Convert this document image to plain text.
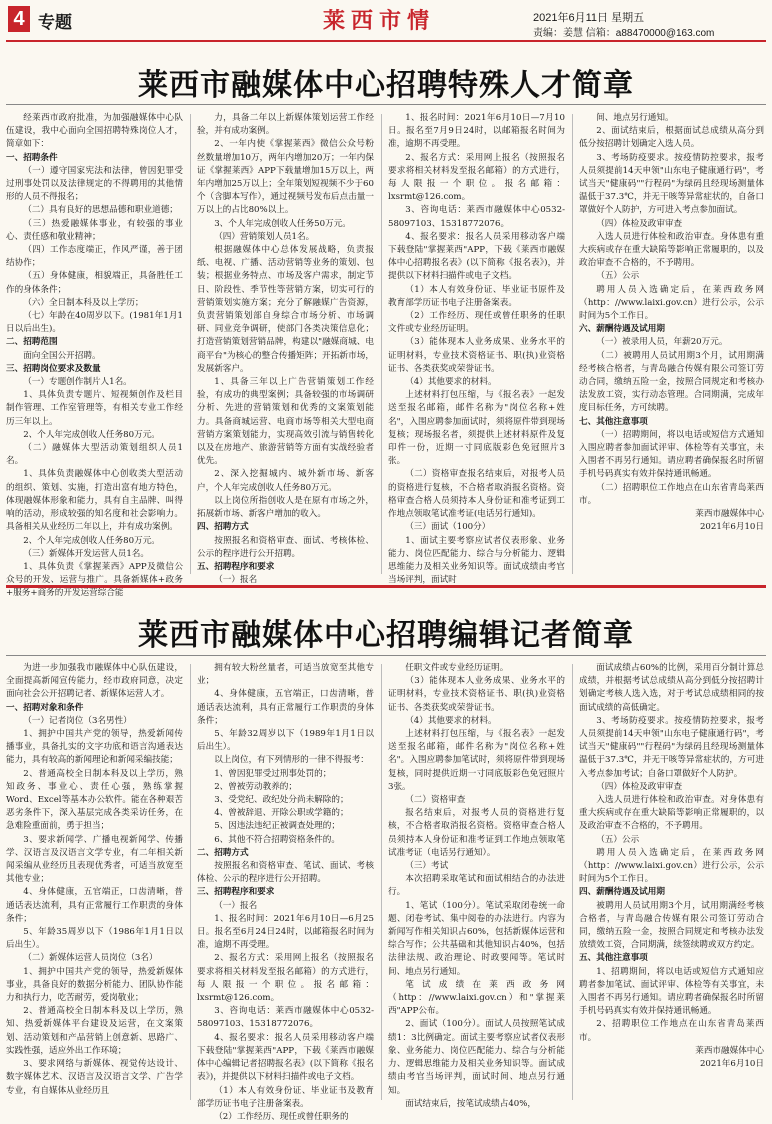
4 专题	莱西市情	2021年6月11日 星期五
责编：姜慧 信箱：a88470000@163.com
莱西市融媒体中心招聘特殊人才简章

经莱西市政府批准，为加强融媒体中心队伍建设，我中心面向全国招聘特殊岗位人才，简章如下：

一、招聘条件

（一）遵守国家宪法和法律，曾因犯罪受过刑事处罚以及法律规定的不得聘用的其他情形的人员不得报名；

（二）具有良好的思想品德和职业道德；

（三）热爱融媒体事业，有较强的事业心、责任感和敬业精神；

（四）工作态度端正，作风严谨，善于团结协作；

（五）身体健康，相貌端正，具备胜任工作的身体条件；

（六）全日制本科及以上学历；

（七）年龄在40周岁以下。(1981年1月1日以后出生)。

二、招聘范围

面向全国公开招聘。

三、招聘岗位要求及数量

（一）专题创作制片人1名。

1、具体负责专题片、短视频创作及栏目制作管理、工作室管理等，有相关专业工作经历三年以上。

2、个人年完成创收人任务80万元。

（二）融媒体大型活动策划组织人员1名。

1、具体负责融媒体中心创收类大型活动的组织、策划、实施，打造出富有地方特色，体现融媒体形象和能力，具有自主品牌、叫得响的活动，形成较强的知名度和社会影响力。具备相关从业经历二年以上，并有成功案例。

2、个人年完成创收人任务80万元。

（三）新媒体开发运营人员1名。

1、具体负责《掌握莱西》APP及微信公众号的开发、运营与推广。具备新媒体+政务+服务+商务的开发运营综合能

力，具备二年以上新媒体策划运营工作经验，并有成功案例。

2、一年内使《掌握莱西》微信公众号粉丝数量增加10万，两年内增加20万；一年内保证《掌握莱西》APP下载量增加15万以上，两年内增加25万以上；全年策划短视频不少于60个（含脚本写作），通过视频号发布后点击量一万以上的占比80%以上。

3、个人年完成创收人任务50万元。

（四）营销策划人员1名。

根据融媒体中心总体发展战略，负责报纸、电视、广播、活动营销等业务的策划、包装；根据业务特点、市场及客户需求，制定节日、阶段性、季节性等营销方案，切实可行的营销策划实施方案；充分了解融媒广告资源，负责营销策划部自身综合市场分析、市场调研、同业竞争调研，使部门各类决策信息化；打造营销策划营销品牌，构建以"融媒商城、电商平台"为核心的整合传播矩阵；开拓新市场，发展新客户。

1、具备三年以上广告营销策划工作经验，有成功的典型案例；具备较强的市场调研分析、先进的营销策划和优秀的文案策划能力。具备商城运营、电商市场等相关大型电商营销方案策划能力，实现高效引流与销售转化以及在房地产、旅游营销等方面有实战经验者优先。

2、深入挖掘城内、城外新市场、新客户，个人年完成创收人任务80万元。

以上岗位所指创收人是在原有市场之外，拓展新市场、新客户增加的收入。

四、招聘方式

按照报名和资格审查、面试、考核体检、公示的程序进行公开招聘。

五、招聘程序和要求

（一）报名

1、报名时间：2021年6月10日—7月10日。报名至7月9日24时，以邮箱报名时间为准，逾期不再受理。

2、报名方式：采用网上报名（按照报名要求将相关材料发至报名邮箱）的方式进行，每人限报一个职位。报名邮箱：lxsrmt@126.com。

3、咨询电话：莱西市融媒体中心0532-58097103、15318772076。

4、报名要求：报名人员采用移动客户端下载登陆"掌握莱西"APP，下载《莱西市融媒体中心招聘报名表》(以下简称《报名表》)，并提供以下材料扫描件或电子文档。

（1）本人有效身份证、毕业证书原件及教育部学历证书电子注册备案表。

（2）工作经历、现任或曾任职务的任职文件或专业经历证明。

（3）能体现本人业务成果、业务水平的证明材料，专业技术资格证书、职(执)业资格证书、各类获奖或荣誉证书。

（4）其他要求的材料。

上述材料打包压缩，与《报名表》一起发送至报名邮箱，邮件名称为"岗位名称+姓名"，入围应聘参加面试时，须将原件带到现场复核；现场报名者，须提供上述材料原件及复印件一份，近期一寸同底版彩色免冠照片3张。

（二）资格审查报名结束后，对报考人员的资格进行复核，不合格者取消报名资格。资格审查合格人员须持本人身份证和准考证到工作地点领取笔试准考证(电话另行通知)。

（三）面试（100分）

1、面试主要考察应试者仪表形象、业务能力、岗位匹配能力、综合与分析能力、逻辑思维能力及相关业务知识等。面试成绩由考官当场评判，面试时

间、地点另行通知。

2、面试结束后，根据面试总成绩从高分到低分按招聘计划确定入选人员。

3、考场防疫要求。按疫情防控要求，报考人员须提前14天申领"山东电子健康通行码"，考试当天"健康码""行程码"为绿码且经现场测量体温低于37.3℃，并无干咳等异常症状的，自备口罩做好个人防护，方可进入考点参加面试。

（四）体检及政审审查

入选人员进行体检和政治审查。身体患有重大疾病或存在重大缺陷等影响正常履职的，以及政治审查不合格的，不予聘用。

（五）公示

聘用人员入选确定后，在莱西政务网（http：//www.laixi.gov.cn）进行公示，公示时间为5个工作日。

六、薪酬待遇及试用期

（一）被录用人员，年薪20万元。

（二）被聘用人员试用期3个月，试用期满经考核合格者，与青岛融合传媒有限公司签订劳动合同，缴纳五险一金，按照合同规定和考核办法发放工资，实行动态管理。合同期满，完成年度目标任务，方可续聘。

七、其他注意事项

（一）招聘期间，将以电话或短信方式通知入围应聘者参加面试评审、体检等有关事宜，未入围者不再另行通知。请应聘者确保报名时所留手机号码真实有效并保持通讯畅通。

（二）招聘职位工作地点在山东省青岛莱西市。

莱西市融媒体中心

2021年6月10日

莱西市融媒体中心招聘编辑记者简章

为进一步加强我市融媒体中心队伍建设，全面提高新闻宣传能力，经市政府同意，决定面向社会公开招聘记者、新媒体运营人才。

一、招聘对象和条件

（一）记者岗位（3名男性）

1、拥护中国共产党的领导，热爱新闻传播事业，具备扎实的文字功底和语言沟通表达能力，具有较高的新闻理论和新闻采编技能；

2、普通高校全日制本科及以上学历，熟知政务、事业心、责任心强，熟练掌握Word、Excel等基本办公软件。能在各种艰苦恶劣条件下，深入基层完成各类采访任务，在急难险重面前，勇于担当；

3、要求新闻学、广播电视新闻学、传播学、汉语言及汉语言文学专业，有二年相关新闻采编从业经历且表现优秀者，可适当放宽至其他专业；

4、身体健康，五官端正，口齿清晰，普通话表达流利，具有正常履行工作职责的身体条件；

5、年龄35周岁以下（1986年1月1日以后出生）。

（二）新媒体运营人员岗位（3名）

1、拥护中国共产党的领导，热爱新媒体事业，具备良好的数据分析能力、团队协作能力和执行力，吃苦耐劳，爱岗敬业；

2、普通高校全日制本科及以上学历，熟知、热爱新媒体平台建设及运营，在文案策划、活动策划和产品营销上创意新、思路广、实践性强，适应外出工作环境；

3、要求网络与新媒体、视觉传达设计、数字媒体艺术、汉语言及汉语言文学、广告学专业，有自媒体从业经历且

拥有较大粉丝量者，可适当放宽至其他专业；

4、身体健康，五官端正，口齿清晰，普通话表达流利，具有正常履行工作职责的身体条件；

5、年龄32周岁以下（1989年1月1日以后出生）。

以上岗位，有下列情形的一律不得报考：

1、曾因犯罪受过刑事处罚的；

2、曾被劳动教养的；

3、受党纪、政纪处分尚未解除的；

4、曾被辞退、开除公职或学籍的；

5、因违法违纪正被调查处理的；

6、其他不符合招聘资格条件的。

二、招聘方式

按照报名和资格审查、笔试、面试、考核体检、公示的程序进行公开招聘。

三、招聘程序和要求

（一）报名

1、报名时间：2021年6月10日—6月25日。报名至6月24日24时，以邮箱报名时间为准，逾期不再受理。

2、报名方式：采用网上报名（按照报名要求将相关材料发至报名邮箱）的方式进行，每人限报一个职位。报名邮箱：lxsrmt@126.com。

3、咨询电话：莱西市融媒体中心0532-58097103、15318772076。

4、报名要求：报名人员采用移动客户端下载登陆"掌握莱西"APP，下载《莱西市融媒体中心编辑记者招聘报名表》(以下简称《报名表》)，并提供以下材料扫描件或电子文档。

（1）本人有效身份证、毕业证书及教育部学历证书电子注册备案表。

（2）工作经历、现任或曾任职务的

任职文件或专业经历证明。

（3）能体现本人业务成果、业务水平的证明材料，专业技术资格证书、职(执)业资格证书、各类获奖或荣誉证书。

（4）其他要求的材料。

上述材料打包压缩，与《报名表》一起发送至报名邮箱，邮件名称为"岗位名称+姓名"。入围应聘参加笔试时，须将原件带到现场复核，同时提供近期一寸同底版彩色免冠照片3张。

（二）资格审查

报名结束后，对报考人员的资格进行复核，不合格者取消报名资格。资格审查合格人员须持本人身份证和准考证到工作地点领取笔试准考证（电话另行通知）。

（三）考试

本次招聘采取笔试和面试相结合的办法进行。

1、笔试（100分）。笔试采取闭卷统一命题、闭卷考试、集中阅卷的办法进行。内容为新闻写作相关知识占60%，包括新媒体运营和综合写作；公共基础和其他知识占40%，包括法律法规、政治理论、时政要闻等。笔试时间、地点另行通知。

笔试成绩在莱西政务网（http：//www.laixi.gov.cn）和"掌握莱西"APP公布。

2、面试（100分）。面试人员按照笔试成绩1：3比例确定。面试主要考察应试者仪表形象、业务能力、岗位匹配能力、综合与分析能力、逻辑思维能力及相关业务知识等。面试成绩由考官当场评判，面试时间、地点另行通知。

面试结束后，按笔试成绩占40%，

面试成绩占60%的比例，采用百分制计算总成绩，并根据考试总成绩从高分到低分按招聘计划确定考核人选入选，对于考试总成绩相同的按面试成绩的高低确定。

3、考场防疫要求。按疫情防控要求，报考人员须提前14天申领"山东电子健康通行码"，考试当天"健康码""行程码"为绿码且经现场测量体温低于37.3℃，并无干咳等异常症状的，方可进入考点参加考试；自备口罩做好个人防护。

（四）体检及政审审查

入选人员进行体检和政治审查。对身体患有重大疾病或存在重大缺陷等影响正常履职的，以及政治审查不合格的，不予聘用。

（五）公示

聘用人员入选确定后，在莱西政务网（http：//www.laixi.gov.cn）进行公示，公示时间为5个工作日。

四、薪酬待遇及试用期

被聘用人员试用期3个月，试用期满经考核合格者，与青岛融合传媒有限公司签订劳动合同，缴纳五险一金，按照合同规定和考核办法发放绩效工资，合同期满，续签续聘或双方约定。

五、其他注意事项

1、招聘期间，将以电话或短信方式通知应聘者参加笔试、面试评审、体检等有关事宜，未入围者不再另行通知。请应聘者确保报名时所留手机号码真实有效并保持通讯畅通。

2、招聘职位工作地点在山东省青岛莱西市。

莱西市融媒体中心

2021年6月10日
